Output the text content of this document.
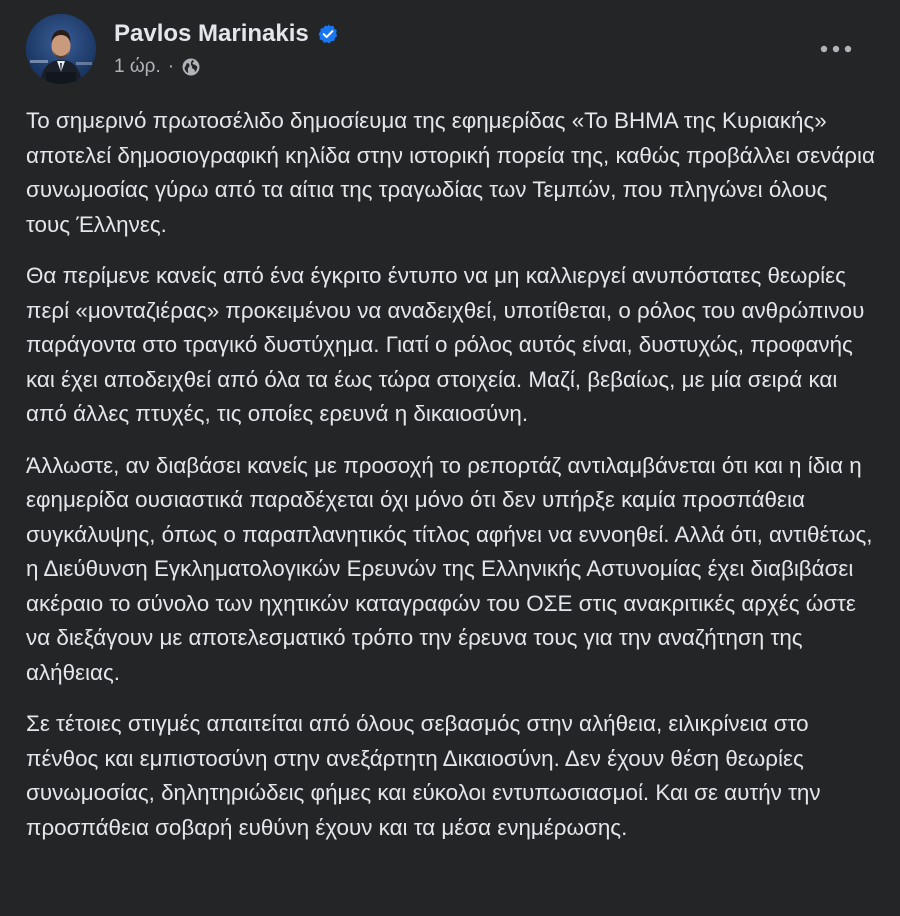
Pavlos Marinakis
1 ώρ. ·

Το σημερινό πρωτοσέλιδο δημοσίευμα της εφημερίδας «Το ΒΗΜΑ της Κυριακής» αποτελεί δημοσιογραφική κηλίδα στην ιστορική πορεία της, καθώς προβάλλει σενάρια συνωμοσίας γύρω από τα αίτια της τραγωδίας των Τεμπών, που πληγώνει όλους τους Έλληνες.

Θα περίμενε κανείς από ένα έγκριτο έντυπο να μη καλλιεργεί ανυπόστατες θεωρίες περί «μονταζιέρας» προκειμένου να αναδειχθεί, υποτίθεται, ο ρόλος του ανθρώπινου παράγοντα στο τραγικό δυστύχημα. Γιατί ο ρόλος αυτός είναι, δυστυχώς, προφανής και έχει αποδειχθεί από όλα τα έως τώρα στοιχεία. Μαζί, βεβαίως, με μία σειρά και από άλλες πτυχές, τις οποίες ερευνά η δικαιοσύνη.

Άλλωστε, αν διαβάσει κανείς με προσοχή το ρεπορτάζ αντιλαμβάνεται ότι και η ίδια η εφημερίδα ουσιαστικά παραδέχεται όχι μόνο ότι δεν υπήρξε καμία προσπάθεια συγκάλυψης, όπως ο παραπλανητικός τίτλος αφήνει να εννοηθεί. Αλλά ότι, αντιθέτως, η Διεύθυνση Εγκληματολογικών Ερευνών της Ελληνικής Αστυνομίας έχει διαβιβάσει ακέραιο το σύνολο των ηχητικών καταγραφών του ΟΣΕ στις ανακριτικές αρχές ώστε να διεξάγουν με αποτελεσματικό τρόπο την έρευνα τους για την αναζήτηση της αλήθειας.

Σε τέτοιες στιγμές απαιτείται από όλους σεβασμός στην αλήθεια, ειλικρίνεια στο πένθος και εμπιστοσύνη στην ανεξάρτητη Δικαιοσύνη. Δεν έχουν θέση θεωρίες συνωμοσίας, δηλητηριώδεις φήμες και εύκολοι εντυπωσιασμοί. Και σε αυτήν την προσπάθεια σοβαρή ευθύνη έχουν και τα μέσα ενημέρωσης.
